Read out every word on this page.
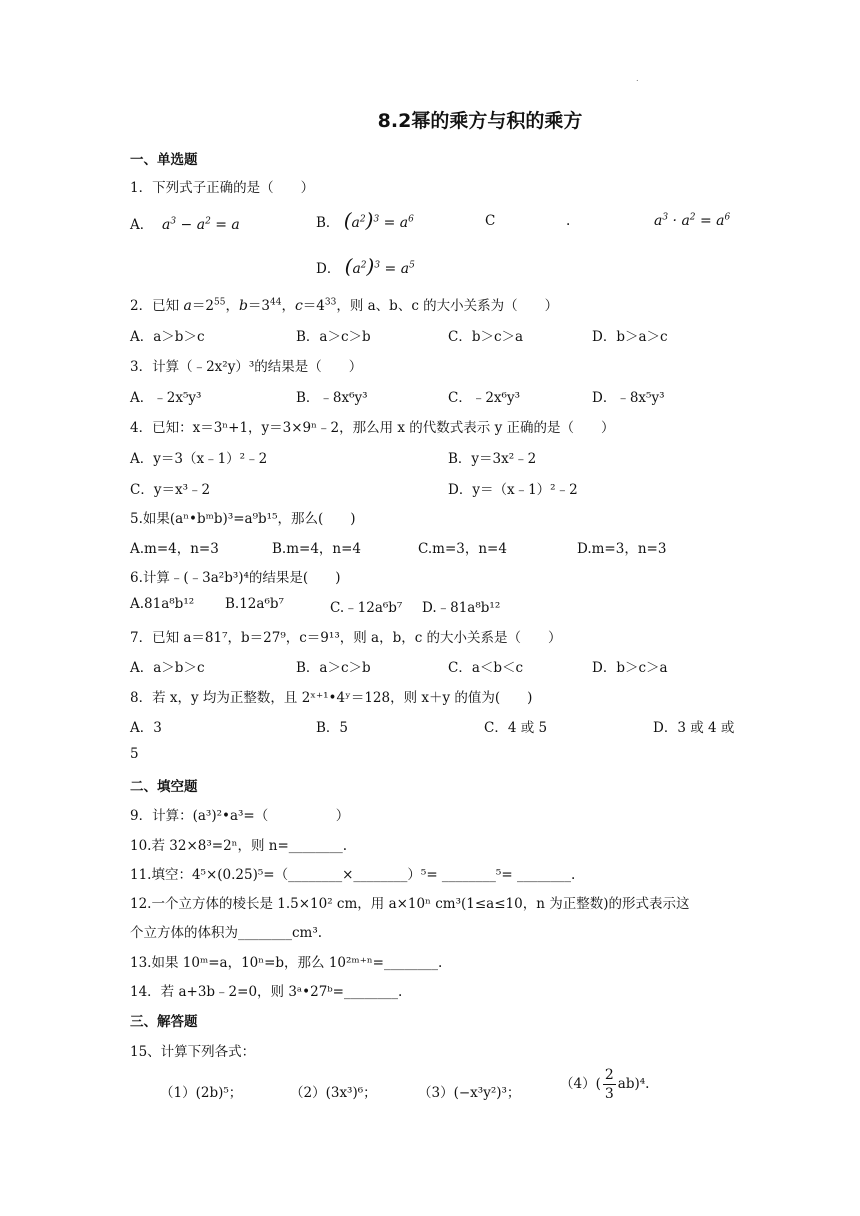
.
8.2幂的乘方与积的乘方
一、单选题
1．下列式子正确的是（　　）
A．  $a^3 - a^2 = a$	B． $(a^2)^3 = a^6$	C	.	$a^3 \cdot a^2 = a^6$
D． $(a^2)^3 = a^5$
2．已知 $a=2^{55}$，$b=3^{44}$，$c=4^{33}$，则 a、b、c 的大小关系为（　　）
A．a＞b＞c	B．a＞c＞b	C．b＞c＞a	D．b＞a＞c
3．计算（﹣2x²y）³的结果是（　　）
A．﹣2x⁵y³	B．﹣8x⁶y³	C．﹣2x⁶y³	D．﹣8x⁵y³
4．已知：x＝3ⁿ+1，y＝3×9ⁿ﹣2，那么用 x 的代数式表示 y 正确的是（　　）
A．y＝3（x﹣1）²﹣2	B．y＝3x²﹣2
C．y＝x³﹣2	D．y＝（x﹣1）²﹣2
5.如果(aⁿ•bᵐb)³=a⁹b¹⁵，那么(　　)
A.m=4，n=3	B.m=4，n=4	C.m=3，n=4	D.m=3，n=3
6.计算﹣(﹣3a²b³)⁴的结果是(　　)
A.81a⁸b¹² B.12a⁶b⁷	C.﹣12a⁶b⁷ D.﹣81a⁸b¹²
7．已知 a＝81⁷，b＝27⁹，c＝9¹³，则 a，b，c 的大小关系是（　　）
A．a＞b＞c	B．a＞c＞b	C．a＜b＜c	D．b＞c＞a
8．若 x，y 均为正整数，且 2ˣ⁺¹•4ʸ＝128，则 x＋y 的值为(　　)
A．3	B．5	C．4 或 5	D．3 或 4 或
5
二、填空题
9．计算：(a³)²•a³=（　　　　　）
10.若 32×8³=2ⁿ，则 n=________.
11.填空：4⁵×(0.25)⁵=（________×________）⁵= ________⁵= ________.
12.一个立方体的棱长是 1.5×10² cm，用 a×10ⁿ cm³(1≤a≤10，n 为正整数)的形式表示这
个立方体的体积为________cm³.
13.如果 10ᵐ=a，10ⁿ=b，那么 10²ᵐ⁺ⁿ=________.
14．若 a+3b﹣2=0，则 3ᵃ•27ᵇ=________.
三、解答题
15、计算下列各式：
（1）(2b)⁵；	（2）(3x³)⁶；	（3）(−x³y²)³；
$(4)( \frac{2}{3} ab)^4$.
